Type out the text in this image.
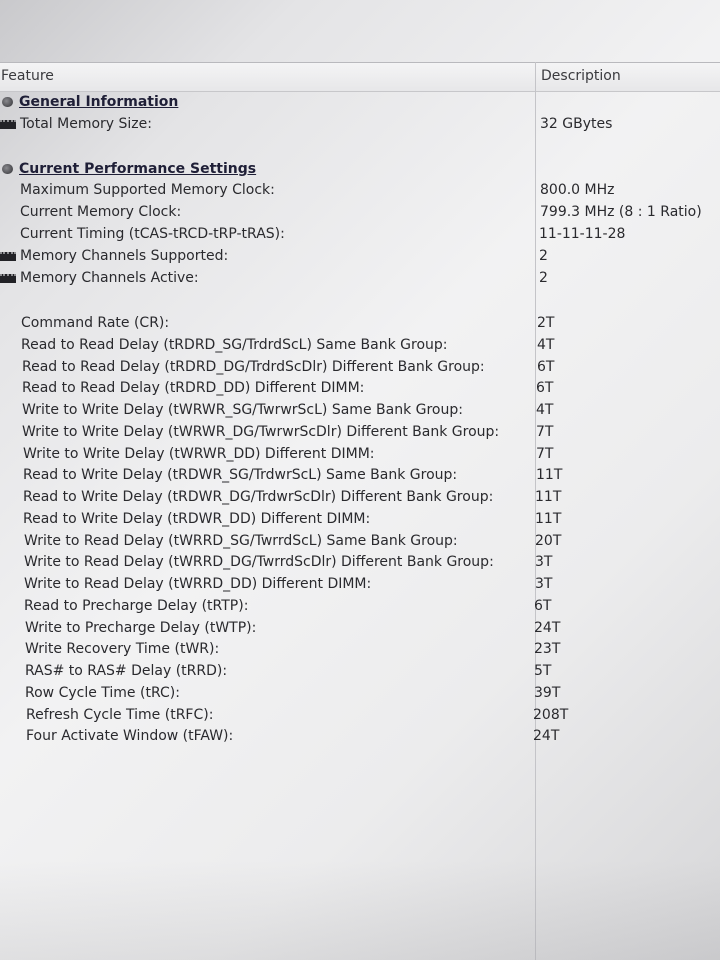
Feature	Description
General Information
Total Memory Size:	32 GBytes
Current Performance Settings
Maximum Supported Memory Clock:	800.0 MHz
Current Memory Clock:	799.3 MHz (8 : 1 Ratio)
Current Timing (tCAS-tRCD-tRP-tRAS):	11-11-11-28
Memory Channels Supported:	2
Memory Channels Active:	2
Command Rate (CR):	2T
Read to Read Delay (tRDRD_SG/TrdrdScL) Same Bank Group:	4T
Read to Read Delay (tRDRD_DG/TrdrdScDlr) Different Bank Group:	6T
Read to Read Delay (tRDRD_DD) Different DIMM:	6T
Write to Write Delay (tWRWR_SG/TwrwrScL) Same Bank Group:	4T
Write to Write Delay (tWRWR_DG/TwrwrScDlr) Different Bank Group:	7T
Write to Write Delay (tWRWR_DD) Different DIMM:	7T
Read to Write Delay (tRDWR_SG/TrdwrScL) Same Bank Group:	11T
Read to Write Delay (tRDWR_DG/TrdwrScDlr) Different Bank Group:	11T
Read to Write Delay (tRDWR_DD) Different DIMM:	11T
Write to Read Delay (tWRRD_SG/TwrrdScL) Same Bank Group:	20T
Write to Read Delay (tWRRD_DG/TwrrdScDlr) Different Bank Group:	3T
Write to Read Delay (tWRRD_DD) Different DIMM:	3T
Read to Precharge Delay (tRTP):	6T
Write to Precharge Delay (tWTP):	24T
Write Recovery Time (tWR):	23T
RAS# to RAS# Delay (tRRD):	5T
Row Cycle Time (tRC):	39T
Refresh Cycle Time (tRFC):	208T
Four Activate Window (tFAW):	24T
